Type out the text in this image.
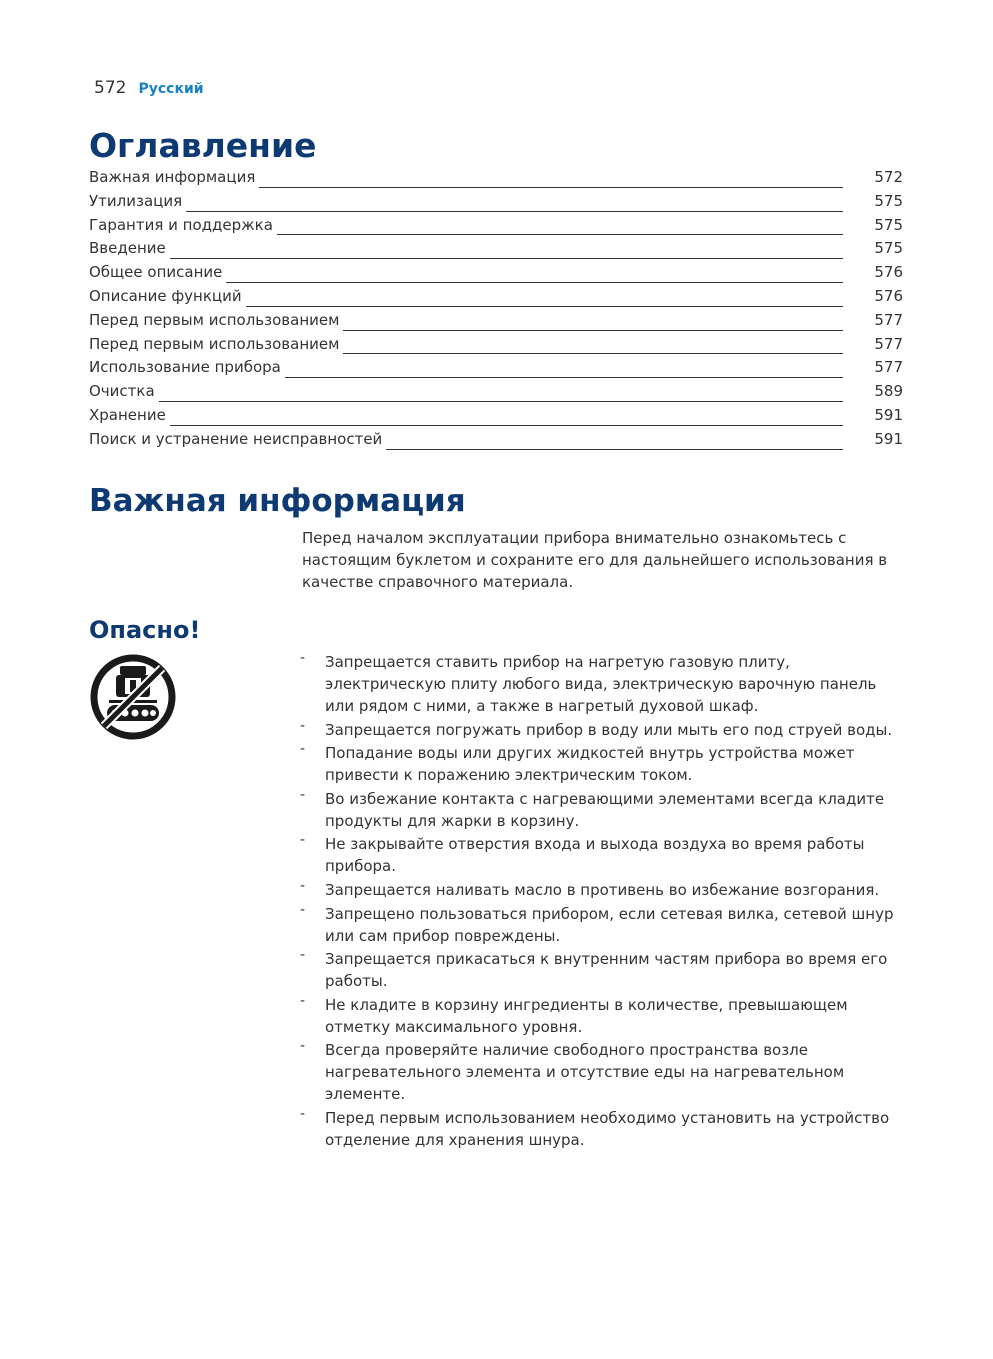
572 Русский
Оглавление
Важная информация	572
Утилизация	575
Гарантия и поддержка	575
Введение	575
Общее описание	576
Описание функций	576
Перед первым использованием	577
Перед первым использованием	577
Использование прибора	577
Очистка	589
Хранение	591
Поиск и устранение неисправностей	591
Важная информация
Перед началом эксплуатации прибора внимательно ознакомьтесь с настоящим буклетом и сохраните его для дальнейшего использования в качестве справочного материала.
Опасно!
- Запрещается ставить прибор на нагретую газовую плиту, электрическую плиту любого вида, электрическую варочную панель или рядом с ними, а также в нагретый духовой шкаф.
- Запрещается погружать прибор в воду или мыть его под струей воды.
- Попадание воды или других жидкостей внутрь устройства может привести к поражению электрическим током.
- Во избежание контакта с нагревающими элементами всегда кладите продукты для жарки в корзину.
- Не закрывайте отверстия входа и выхода воздуха во время работы прибора.
- Запрещается наливать масло в противень во избежание возгорания.
- Запрещено пользоваться прибором, если сетевая вилка, сетевой шнур или сам прибор повреждены.
- Запрещается прикасаться к внутренним частям прибора во время его работы.
- Не кладите в корзину ингредиенты в количестве, превышающем отметку максимального уровня.
- Всегда проверяйте наличие свободного пространства возле нагревательного элемента и отсутствие еды на нагревательном элементе.
- Перед первым использованием необходимо установить на устройство отделение для хранения шнура.
